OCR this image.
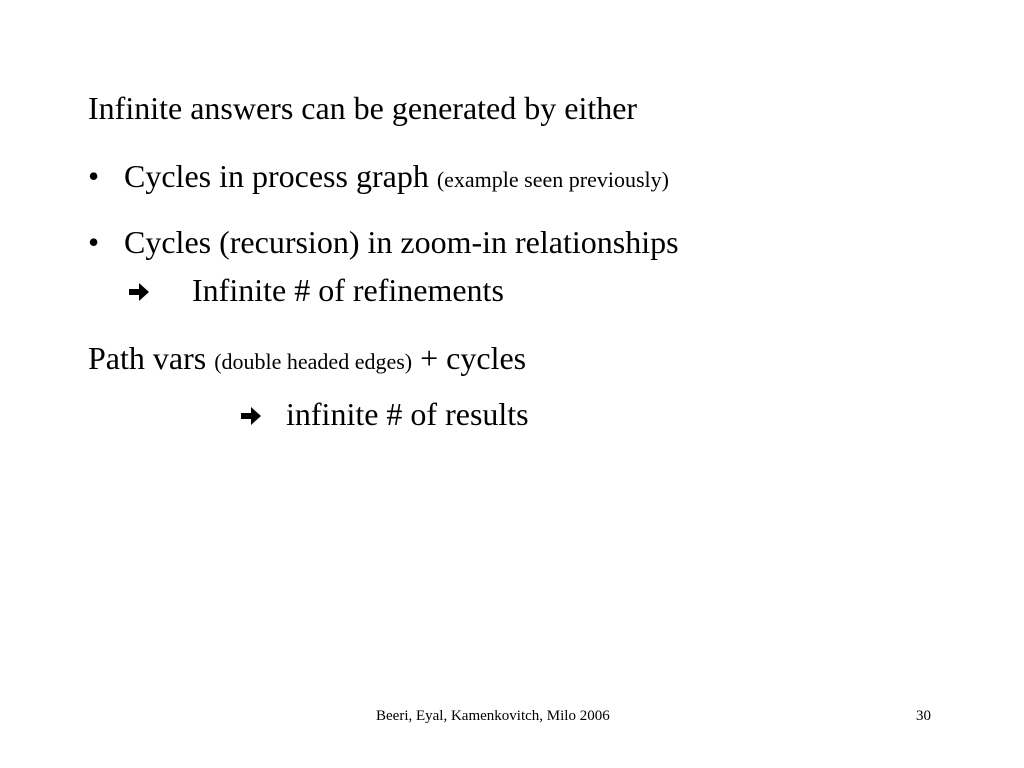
Infinite answers can be generated by either
• Cycles in process graph (example seen previously)
• Cycles (recursion) in zoom-in relationships
Infinite # of refinements
Path vars (double headed edges) + cycles
infinite # of results
Beeri, Eyal, Kamenkovitch, Milo 2006	30
